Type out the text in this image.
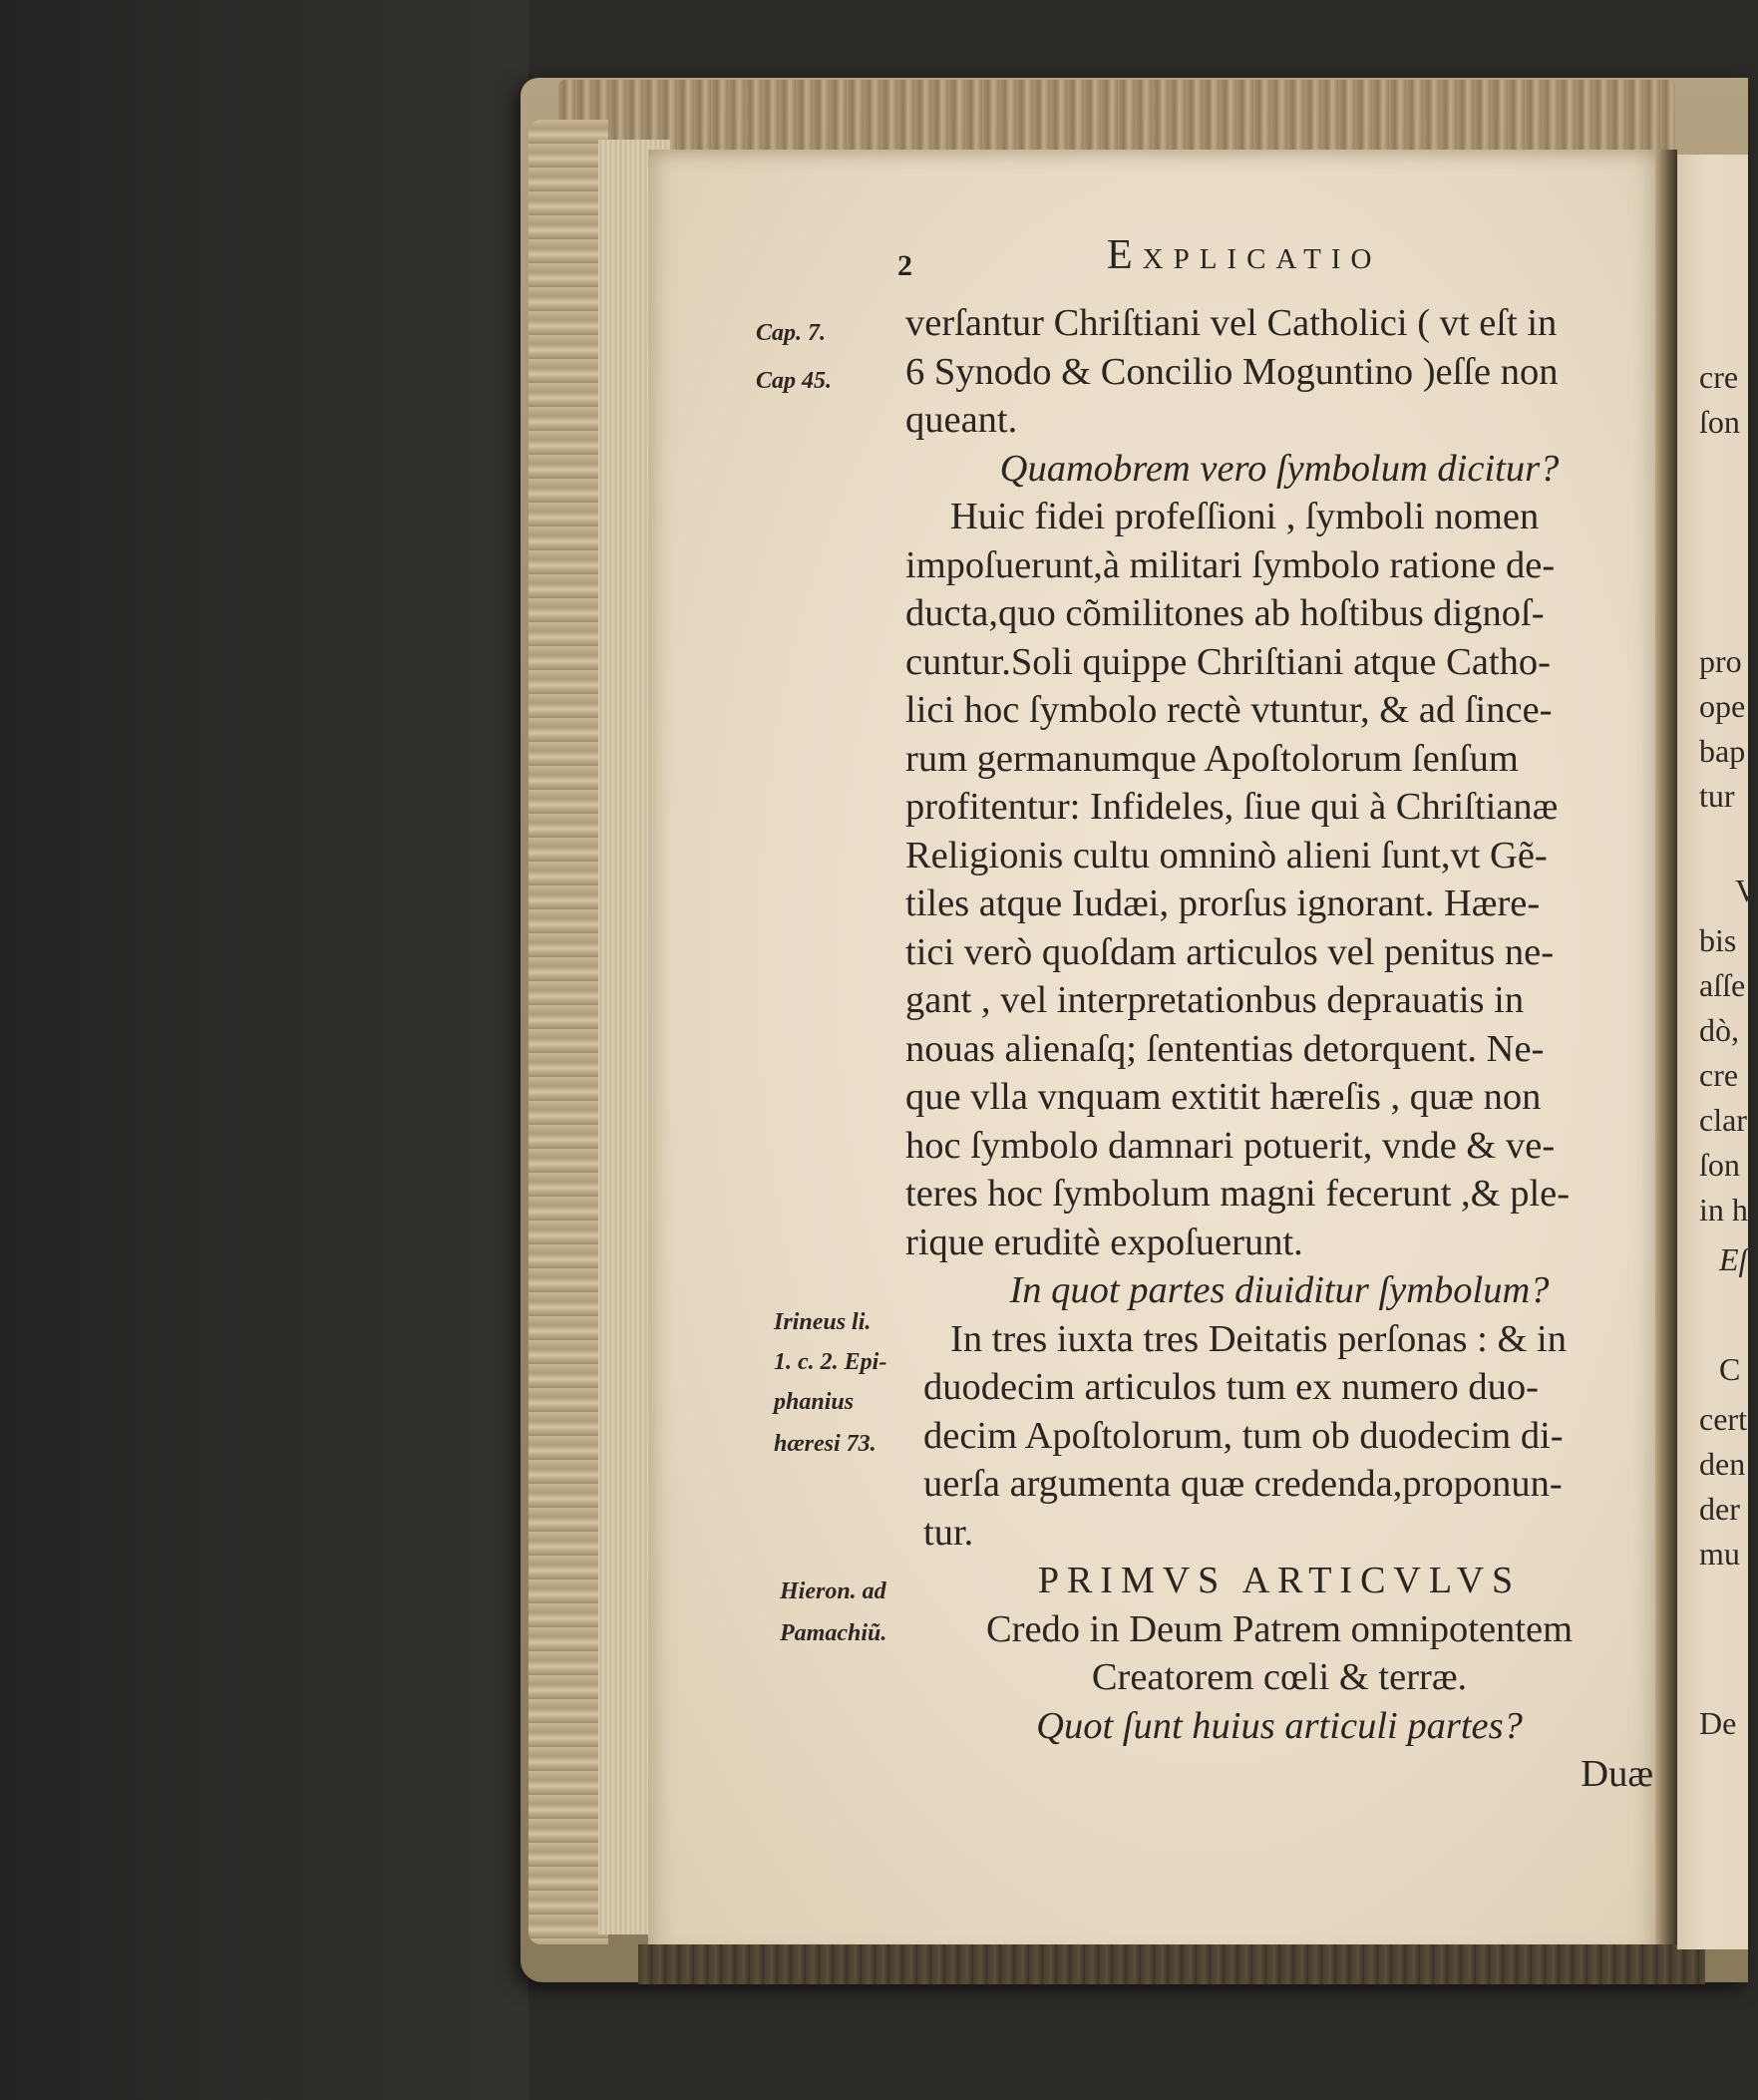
2	Explicatio
Cap. 7.
Cap 45.
Irineus li.
1. c. 2. Epi-
phanius
hæresi 73.
Hieron. ad
Pamachiũ.
verſantur Chriſtiani vel Catholici ( vt eſt in
6 Synodo & Concilio Moguntino )eſſe non
queant.
Quamobrem vero ſymbolum dicitur?
Huic fidei profeſſioni , ſymboli nomen
impoſuerunt,à militari ſymbolo ratione de-
ducta,quo cõmilitones ab hoſtibus dignoſ-
cuntur.Soli quippe Chriſtiani atque Catho-
lici hoc ſymbolo rectè vtuntur, & ad ſince-
rum germanumque Apoſtolorum ſenſum
profitentur: Infideles, ſiue qui à Chriſtianæ
Religionis cultu omninò alieni ſunt,vt Gẽ-
tiles atque Iudæi, prorſus ignorant. Hære-
tici verò quoſdam articulos vel penitus ne-
gant , vel interpretationbus deprauatis in
nouas alienaſq; ſententias detorquent. Ne-
que vlla vnquam extitit hæreſis , quæ non
hoc ſymbolo damnari potuerit, vnde & ve-
teres hoc ſymbolum magni fecerunt ,& ple-
rique eruditè expoſuerunt.
In quot partes diuiditur ſymbolum?
In tres iuxta tres Deitatis perſonas : & in
duodecim articulos tum ex numero duo-
decim Apoſtolorum, tum ob duodecim di-
uerſa argumenta quæ credenda,proponun-
tur.
PRIMVS ARTICVLVS
Credo in Deum Patrem omnipotentem
Creatorem cœli & terræ.
Quot ſunt huius articuli partes?
Duæ
cre
ſon
pro
ope
bap
tur
V
bis
aſſe
dò,
cre
clar
ſon
in h
Eſ
C
cert
den
der
mu
De
